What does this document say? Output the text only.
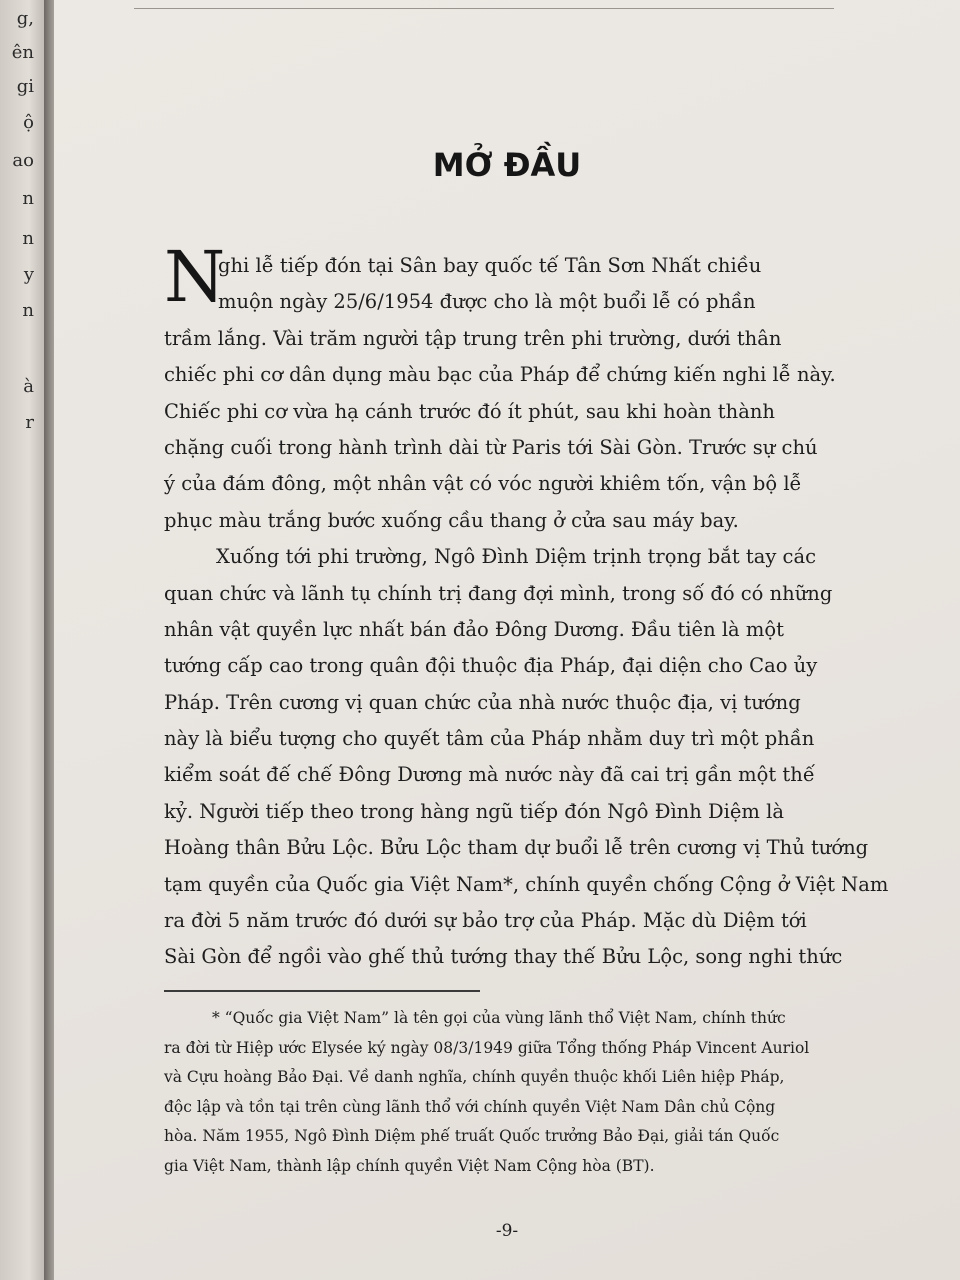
g,
ên
gi
ộ
ao
n
n
y
n
à
r
MỞ ĐẦU
N
ghi lễ tiếp đón tại Sân bay quốc tế Tân Sơn Nhất chiều
muộn ngày 25/6/1954 được cho là một buổi lễ có phần
trầm lắng. Vài trăm người tập trung trên phi trường, dưới thân
chiếc phi cơ dân dụng màu bạc của Pháp để chứng kiến nghi lễ này.
Chiếc phi cơ vừa hạ cánh trước đó ít phút, sau khi hoàn thành
chặng cuối trong hành trình dài từ Paris tới Sài Gòn. Trước sự chú
ý của đám đông, một nhân vật có vóc người khiêm tốn, vận bộ lễ
phục màu trắng bước xuống cầu thang ở cửa sau máy bay.
Xuống tới phi trường, Ngô Đình Diệm trịnh trọng bắt tay các
quan chức và lãnh tụ chính trị đang đợi mình, trong số đó có những
nhân vật quyền lực nhất bán đảo Đông Dương. Đầu tiên là một
tướng cấp cao trong quân đội thuộc địa Pháp, đại diện cho Cao ủy
Pháp. Trên cương vị quan chức của nhà nước thuộc địa, vị tướng
này là biểu tượng cho quyết tâm của Pháp nhằm duy trì một phần
kiểm soát đế chế Đông Dương mà nước này đã cai trị gần một thế
kỷ. Người tiếp theo trong hàng ngũ tiếp đón Ngô Đình Diệm là
Hoàng thân Bửu Lộc. Bửu Lộc tham dự buổi lễ trên cương vị Thủ tướng
tạm quyền của Quốc gia Việt Nam*, chính quyền chống Cộng ở Việt Nam
ra đời 5 năm trước đó dưới sự bảo trợ của Pháp. Mặc dù Diệm tới
Sài Gòn để ngồi vào ghế thủ tướng thay thế Bửu Lộc, song nghi thức
* “Quốc gia Việt Nam” là tên gọi của vùng lãnh thổ Việt Nam, chính thức
ra đời từ Hiệp ước Elysée ký ngày 08/3/1949 giữa Tổng thống Pháp Vincent Auriol
và Cựu hoàng Bảo Đại. Về danh nghĩa, chính quyền thuộc khối Liên hiệp Pháp,
độc lập và tồn tại trên cùng lãnh thổ với chính quyền Việt Nam Dân chủ Cộng
hòa. Năm 1955, Ngô Đình Diệm phế truất Quốc trưởng Bảo Đại, giải tán Quốc
gia Việt Nam, thành lập chính quyền Việt Nam Cộng hòa (BT).
-9-
